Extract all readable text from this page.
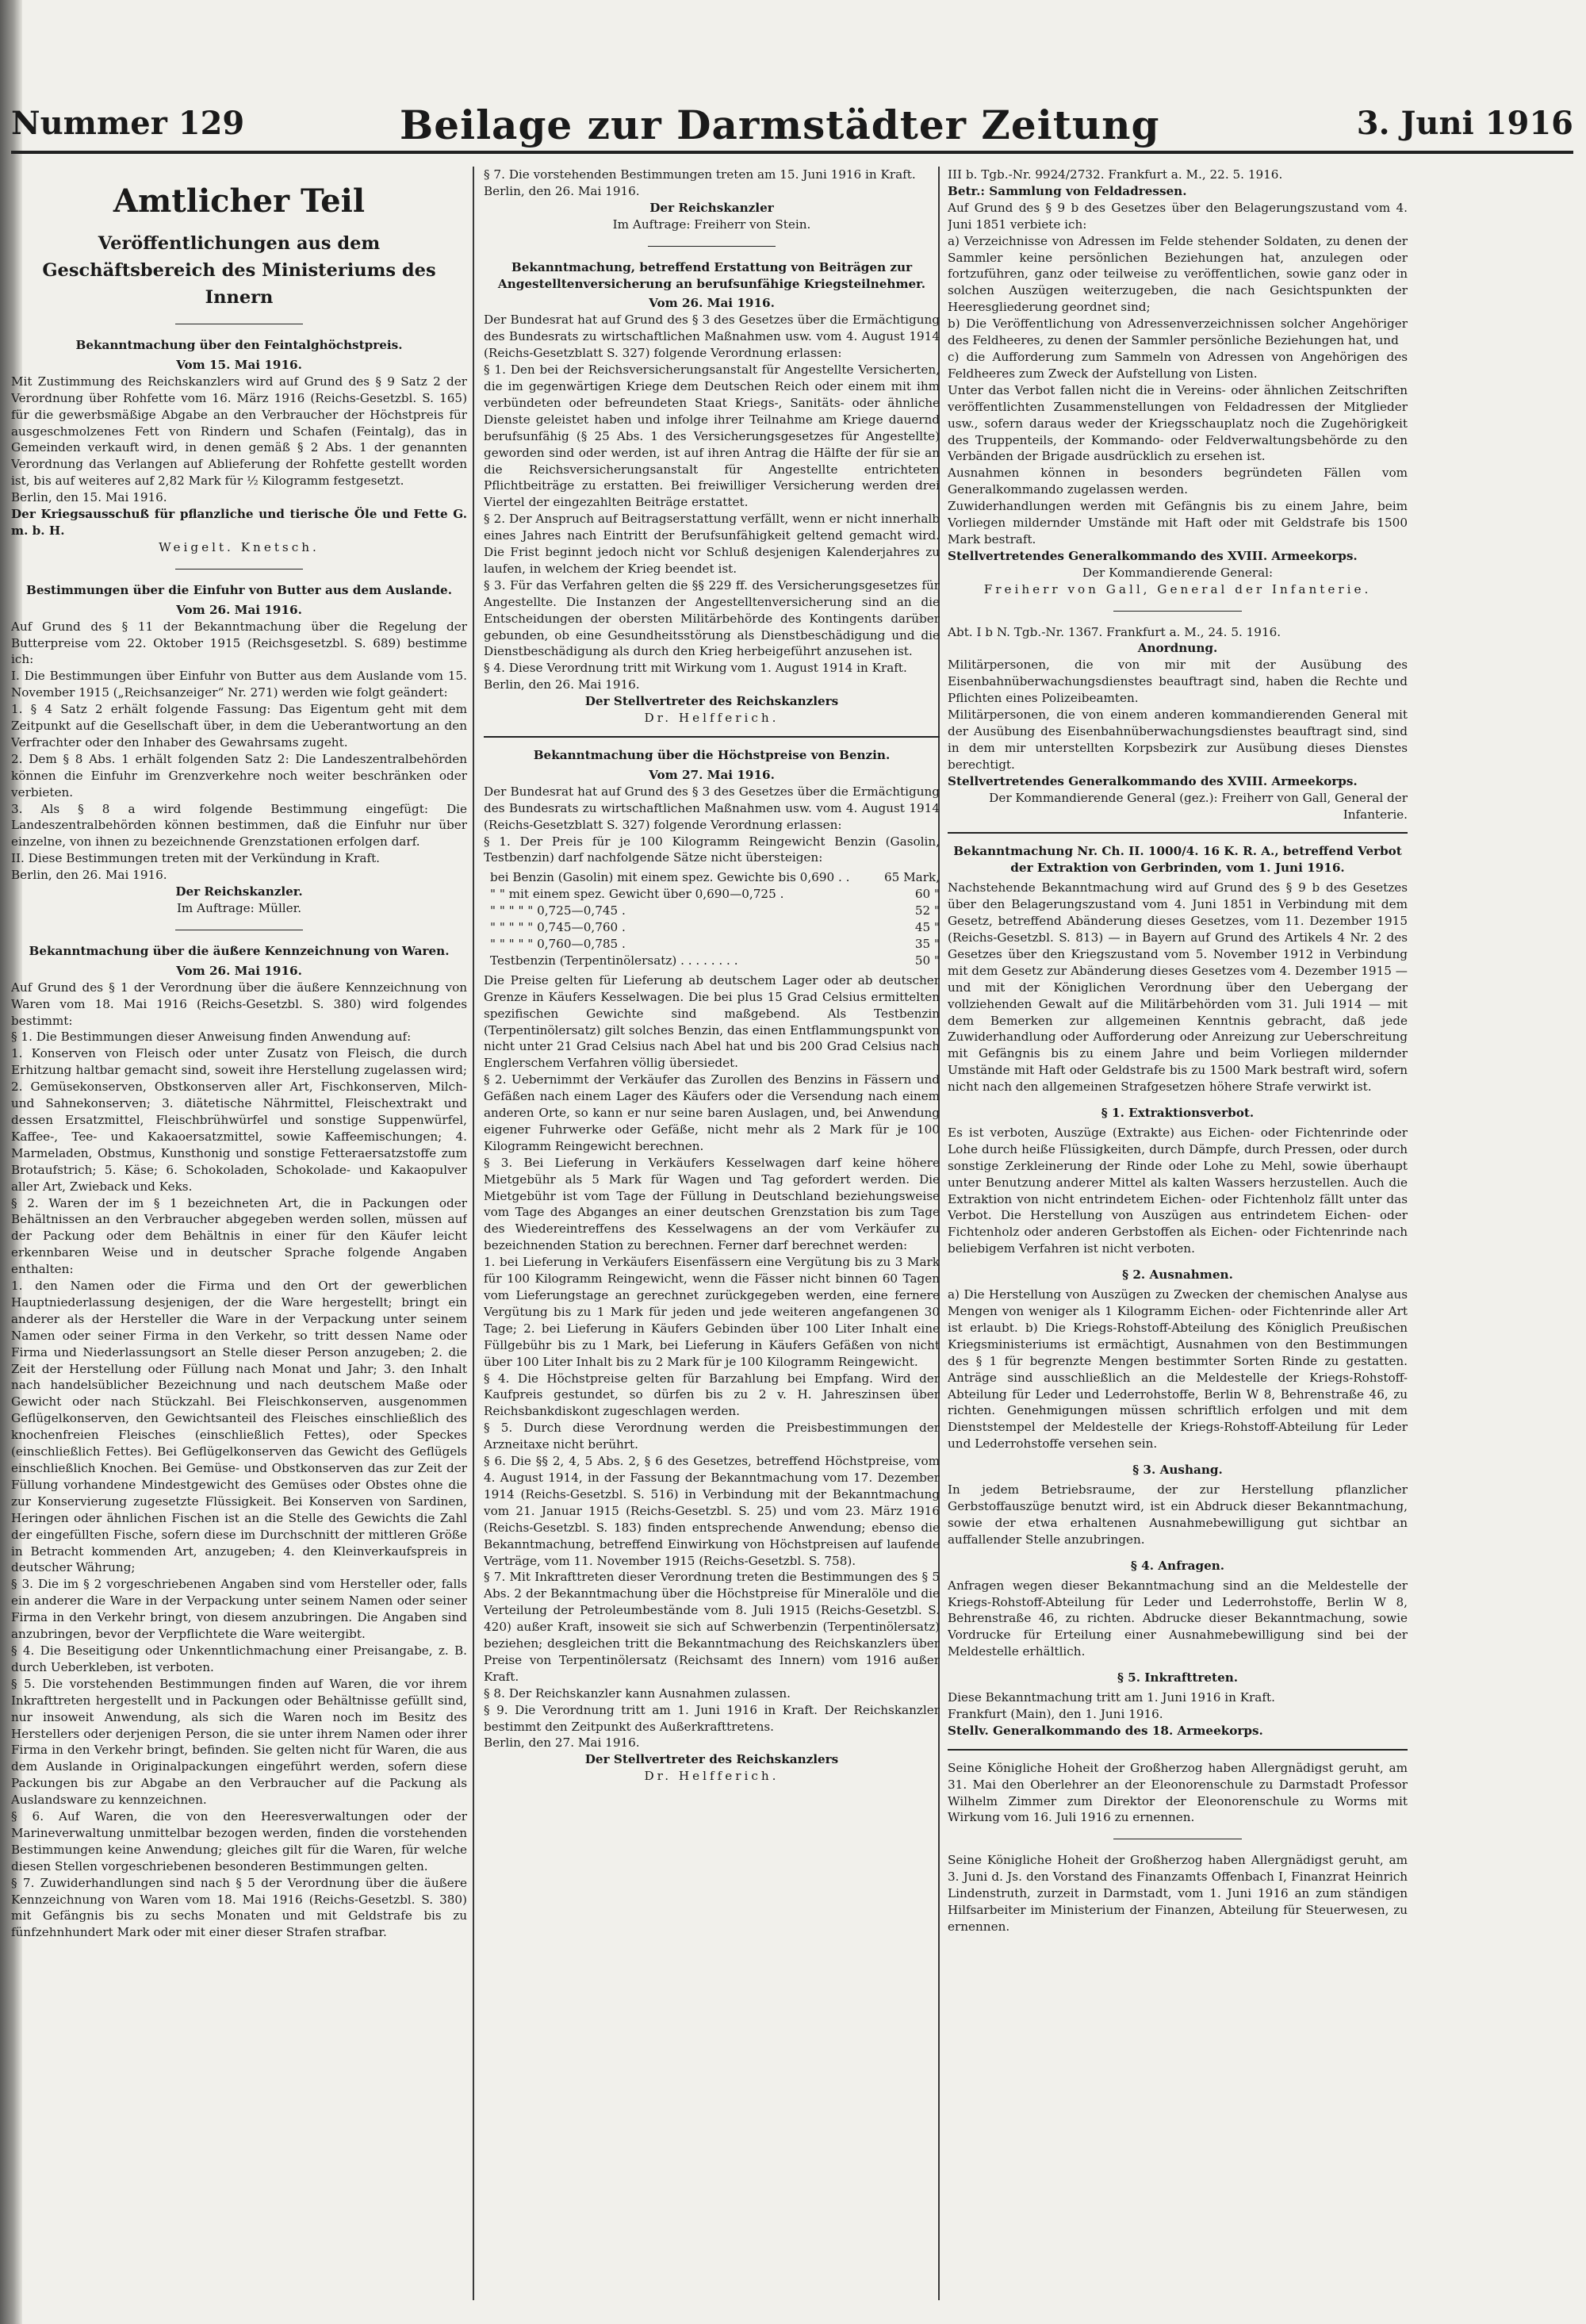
Nummer 129	Beilage zur Darmstädter Zeitung	3. Juni 1916

Amtlicher Teil

Veröffentlichungen aus dem Geschäftsbereich des Ministeriums des Innern

Bekanntmachung über den Feintalghöchstpreis.

Vom 15. Mai 1916.

Mit Zustimmung des Reichskanzlers wird auf Grund des § 9 Satz 2 der Verordnung über Rohfette vom 16. März 1916 (Reichs-Gesetzbl. S. 165) für die gewerbsmäßige Abgabe an den Verbraucher der Höchstpreis für ausgeschmolzenes Fett von Rindern und Schafen (Feintalg), das in Gemeinden verkauft wird, in denen gemäß § 2 Abs. 1 der genannten Verordnung das Verlangen auf Ablieferung der Rohfette gestellt worden ist, bis auf weiteres auf 2,82 Mark für ½ Kilogramm festgesetzt.

Berlin, den 15. Mai 1916.

Der Kriegsausschuß für pflanzliche und tierische Öle und Fette G. m. b. H.

Weigelt. Knetsch.

Bestimmungen über die Einfuhr von Butter aus dem Auslande.

Vom 26. Mai 1916.

Auf Grund des § 11 der Bekanntmachung über die Regelung der Butterpreise vom 22. Oktober 1915 (Reichsgesetzbl. S. 689) bestimme ich:

I. Die Bestimmungen über Einfuhr von Butter aus dem Auslande vom 15. November 1915 („Reichsanzeiger“ Nr. 271) werden wie folgt geändert:

1. § 4 Satz 2 erhält folgende Fassung: Das Eigentum geht mit dem Zeitpunkt auf die Gesellschaft über, in dem die Ueberantwortung an den Verfrachter oder den Inhaber des Gewahrsams zugeht.

2. Dem § 8 Abs. 1 erhält folgenden Satz 2: Die Landeszentralbehörden können die Einfuhr im Grenzverkehre noch weiter beschränken oder verbieten.

3. Als § 8 a wird folgende Bestimmung eingefügt: Die Landeszentralbehörden können bestimmen, daß die Einfuhr nur über einzelne, von ihnen zu bezeichnende Grenzstationen erfolgen darf.

II. Diese Bestimmungen treten mit der Verkündung in Kraft.

Berlin, den 26. Mai 1916.

Der Reichskanzler.

Im Auftrage: Müller.

Bekanntmachung über die äußere Kennzeichnung von Waren.

Vom 26. Mai 1916.

Auf Grund des § 1 der Verordnung über die äußere Kennzeichnung von Waren vom 18. Mai 1916 (Reichs-Gesetzbl. S. 380) wird folgendes bestimmt:

§ 1. Die Bestimmungen dieser Anweisung finden Anwendung auf:

1. Konserven von Fleisch oder unter Zusatz von Fleisch, die durch Erhitzung haltbar gemacht sind, soweit ihre Herstellung zugelassen wird; 2. Gemüsekonserven, Obstkonserven aller Art, Fischkonserven, Milch- und Sahnekonserven; 3. diätetische Nährmittel, Fleischextrakt und dessen Ersatzmittel, Fleischbrühwürfel und sonstige Suppenwürfel, Kaffee-, Tee- und Kakaoersatzmittel, sowie Kaffeemischungen; 4. Marmeladen, Obstmus, Kunsthonig und sonstige Fetteraersatzstoffe zum Brotaufstrich; 5. Käse; 6. Schokoladen, Schokolade- und Kakaopulver aller Art, Zwieback und Keks.

§ 2. Waren der im § 1 bezeichneten Art, die in Packungen oder Behältnissen an den Verbraucher abgegeben werden sollen, müssen auf der Packung oder dem Behältnis in einer für den Käufer leicht erkennbaren Weise und in deutscher Sprache folgende Angaben enthalten:

1. den Namen oder die Firma und den Ort der gewerblichen Hauptniederlassung desjenigen, der die Ware hergestellt; bringt ein anderer als der Hersteller die Ware in der Verpackung unter seinem Namen oder seiner Firma in den Verkehr, so tritt dessen Name oder Firma und Niederlassungsort an Stelle dieser Person anzugeben; 2. die Zeit der Herstellung oder Füllung nach Monat und Jahr; 3. den Inhalt nach handelsüblicher Bezeichnung und nach deutschem Maße oder Gewicht oder nach Stückzahl. Bei Fleischkonserven, ausgenommen Geflügelkonserven, den Gewichtsanteil des Fleisches einschließlich des knochenfreien Fleisches (einschließlich Fettes), oder Speckes (einschließlich Fettes). Bei Geflügelkonserven das Gewicht des Geflügels einschließlich Knochen. Bei Gemüse- und Obstkonserven das zur Zeit der Füllung vorhandene Mindestgewicht des Gemüses oder Obstes ohne die zur Konservierung zugesetzte Flüssigkeit. Bei Konserven von Sardinen, Heringen oder ähnlichen Fischen ist an die Stelle des Gewichts die Zahl der eingefüllten Fische, sofern diese im Durchschnitt der mittleren Größe in Betracht kommenden Art, anzugeben; 4. den Kleinverkaufspreis in deutscher Währung;

§ 3. Die im § 2 vorgeschriebenen Angaben sind vom Hersteller oder, falls ein anderer die Ware in der Verpackung unter seinem Namen oder seiner Firma in den Verkehr bringt, von diesem anzubringen. Die Angaben sind anzubringen, bevor der Verpflichtete die Ware weitergibt.

§ 4. Die Beseitigung oder Unkenntlichmachung einer Preisangabe, z. B. durch Ueberkleben, ist verboten.

§ 5. Die vorstehenden Bestimmungen finden auf Waren, die vor ihrem Inkrafttreten hergestellt und in Packungen oder Behältnisse gefüllt sind, nur insoweit Anwendung, als sich die Waren noch im Besitz des Herstellers oder derjenigen Person, die sie unter ihrem Namen oder ihrer Firma in den Verkehr bringt, befinden. Sie gelten nicht für Waren, die aus dem Auslande in Originalpackungen eingeführt werden, sofern diese Packungen bis zur Abgabe an den Verbraucher auf die Packung als Auslandsware zu kennzeichnen.

§ 6. Auf Waren, die von den Heeresverwaltungen oder der Marineverwaltung unmittelbar bezogen werden, finden die vorstehenden Bestimmungen keine Anwendung; gleiches gilt für die Waren, für welche diesen Stellen vorgeschriebenen besonderen Bestimmungen gelten.

§ 7. Zuwiderhandlungen sind nach § 5 der Verordnung über die äußere Kennzeichnung von Waren vom 18. Mai 1916 (Reichs-Gesetzbl. S. 380) mit Gefängnis bis zu sechs Monaten und mit Geldstrafe bis zu fünfzehnhundert Mark oder mit einer dieser Strafen strafbar.

§ 7. Die vorstehenden Bestimmungen treten am 15. Juni 1916 in Kraft.

Berlin, den 26. Mai 1916.

Der Reichskanzler

Im Auftrage: Freiherr von Stein.

Bekanntmachung, betreffend Erstattung von Beiträgen zur Angestelltenversicherung an berufsunfähige Kriegsteilnehmer.

Vom 26. Mai 1916.

Der Bundesrat hat auf Grund des § 3 des Gesetzes über die Ermächtigung des Bundesrats zu wirtschaftlichen Maßnahmen usw. vom 4. August 1914 (Reichs-Gesetzblatt S. 327) folgende Verordnung erlassen:

§ 1. Den bei der Reichsversicherungsanstalt für Angestellte Versicherten, die im gegenwärtigen Kriege dem Deutschen Reich oder einem mit ihm verbündeten oder befreundeten Staat Kriegs-, Sanitäts- oder ähnliche Dienste geleistet haben und infolge ihrer Teilnahme am Kriege dauernd berufsunfähig (§ 25 Abs. 1 des Versicherungsgesetzes für Angestellte) geworden sind oder werden, ist auf ihren Antrag die Hälfte der für sie an die Reichsversicherungsanstalt für Angestellte entrichteten Pflichtbeiträge zu erstatten. Bei freiwilliger Versicherung werden drei Viertel der eingezahlten Beiträge erstattet.

§ 2. Der Anspruch auf Beitragserstattung verfällt, wenn er nicht innerhalb eines Jahres nach Eintritt der Berufsunfähigkeit geltend gemacht wird. Die Frist beginnt jedoch nicht vor Schluß desjenigen Kalenderjahres zu laufen, in welchem der Krieg beendet ist.

§ 3. Für das Verfahren gelten die §§ 229 ff. des Versicherungsgesetzes für Angestellte. Die Instanzen der Angestelltenversicherung sind an die Entscheidungen der obersten Militärbehörde des Kontingents darüber gebunden, ob eine Gesundheitsstörung als Dienstbeschädigung und die Dienstbeschädigung als durch den Krieg herbeigeführt anzusehen ist.

§ 4. Diese Verordnung tritt mit Wirkung vom 1. August 1914 in Kraft.

Berlin, den 26. Mai 1916.

Der Stellvertreter des Reichskanzlers

Dr. Helfferich.

Bekanntmachung über die Höchstpreise von Benzin.

Vom 27. Mai 1916.

Der Bundesrat hat auf Grund des § 3 des Gesetzes über die Ermächtigung des Bundesrats zu wirtschaftlichen Maßnahmen usw. vom 4. August 1914 (Reichs-Gesetzblatt S. 327) folgende Verordnung erlassen:

§ 1. Der Preis für je 100 Kilogramm Reingewicht Benzin (Gasolin, Testbenzin) darf nachfolgende Sätze nicht übersteigen:

bei Benzin (Gasolin) mit einem spez. Gewichte bis 0,690 . .	65 Mark,
" " mit einem spez. Gewicht über 0,690—0,725 .	60 "
" " " " " 0,725—0,745 .	52 "
" " " " " 0,745—0,760 .	45 "
" " " " " 0,760—0,785 .	35 "
Testbenzin (Terpentinölersatz) . . . . . . . .	50 "

Die Preise gelten für Lieferung ab deutschem Lager oder ab deutscher Grenze in Käufers Kesselwagen. Die bei plus 15 Grad Celsius ermittelten spezifischen Gewichte sind maßgebend. Als Testbenzin (Terpentinölersatz) gilt solches Benzin, das einen Entflammungspunkt von nicht unter 21 Grad Celsius nach Abel hat und bis 200 Grad Celsius nach Englerschem Verfahren völlig übersiedet.

§ 2. Uebernimmt der Verkäufer das Zurollen des Benzins in Fässern und Gefäßen nach einem Lager des Käufers oder die Versendung nach einem anderen Orte, so kann er nur seine baren Auslagen, und, bei Anwendung eigener Fuhrwerke oder Gefäße, nicht mehr als 2 Mark für je 100 Kilogramm Reingewicht berechnen.

§ 3. Bei Lieferung in Verkäufers Kesselwagen darf keine höhere Mietgebühr als 5 Mark für Wagen und Tag gefordert werden. Die Mietgebühr ist vom Tage der Füllung in Deutschland beziehungsweise vom Tage des Abganges an einer deutschen Grenzstation bis zum Tage des Wiedereintreffens des Kesselwagens an der vom Verkäufer zu bezeichnenden Station zu berechnen. Ferner darf berechnet werden:

1. bei Lieferung in Verkäufers Eisenfässern eine Vergütung bis zu 3 Mark für 100 Kilogramm Reingewicht, wenn die Fässer nicht binnen 60 Tagen vom Lieferungstage an gerechnet zurückgegeben werden, eine fernere Vergütung bis zu 1 Mark für jeden und jede weiteren angefangenen 30 Tage; 2. bei Lieferung in Käufers Gebinden über 100 Liter Inhalt eine Füllgebühr bis zu 1 Mark, bei Lieferung in Käufers Gefäßen von nicht über 100 Liter Inhalt bis zu 2 Mark für je 100 Kilogramm Reingewicht.

§ 4. Die Höchstpreise gelten für Barzahlung bei Empfang. Wird der Kaufpreis gestundet, so dürfen bis zu 2 v. H. Jahreszinsen über Reichsbankdiskont zugeschlagen werden.

§ 5. Durch diese Verordnung werden die Preisbestimmungen der Arzneitaxe nicht berührt.

§ 6. Die §§ 2, 4, 5 Abs. 2, § 6 des Gesetzes, betreffend Höchstpreise, vom 4. August 1914, in der Fassung der Bekanntmachung vom 17. Dezember 1914 (Reichs-Gesetzbl. S. 516) in Verbindung mit der Bekanntmachung vom 21. Januar 1915 (Reichs-Gesetzbl. S. 25) und vom 23. März 1916 (Reichs-Gesetzbl. S. 183) finden entsprechende Anwendung; ebenso die Bekanntmachung, betreffend Einwirkung von Höchstpreisen auf laufende Verträge, vom 11. November 1915 (Reichs-Gesetzbl. S. 758).

§ 7. Mit Inkrafttreten dieser Verordnung treten die Bestimmungen des § 5 Abs. 2 der Bekanntmachung über die Höchstpreise für Mineralöle und die Verteilung der Petroleumbestände vom 8. Juli 1915 (Reichs-Gesetzbl. S. 420) außer Kraft, insoweit sie sich auf Schwerbenzin (Terpentinölersatz) beziehen; desgleichen tritt die Bekanntmachung des Reichskanzlers über Preise von Terpentinölersatz (Reichsamt des Innern) vom 1916 außer Kraft.

§ 8. Der Reichskanzler kann Ausnahmen zulassen.

§ 9. Die Verordnung tritt am 1. Juni 1916 in Kraft. Der Reichskanzler bestimmt den Zeitpunkt des Außerkrafttretens.

Berlin, den 27. Mai 1916.

Der Stellvertreter des Reichskanzlers

Dr. Helfferich.

III b. Tgb.-Nr. 9924/2732. Frankfurt a. M., 22. 5. 1916.

Betr.: Sammlung von Feldadressen.

Auf Grund des § 9 b des Gesetzes über den Belagerungszustand vom 4. Juni 1851 verbiete ich:

a) Verzeichnisse von Adressen im Felde stehender Soldaten, zu denen der Sammler keine persönlichen Beziehungen hat, anzulegen oder fortzuführen, ganz oder teilweise zu veröffentlichen, sowie ganz oder in solchen Auszügen weiterzugeben, die nach Gesichtspunkten der Heeresgliederung geordnet sind;

b) Die Veröffentlichung von Adressenverzeichnissen solcher Angehöriger des Feldheeres, zu denen der Sammler persönliche Beziehungen hat, und

c) die Aufforderung zum Sammeln von Adressen von Angehörigen des Feldheeres zum Zweck der Aufstellung von Listen.

Unter das Verbot fallen nicht die in Vereins- oder ähnlichen Zeitschriften veröffentlichten Zusammenstellungen von Feldadressen der Mitglieder usw., sofern daraus weder der Kriegsschauplatz noch die Zugehörigkeit des Truppenteils, der Kommando- oder Feldverwaltungsbehörde zu den Verbänden der Brigade ausdrücklich zu ersehen ist.

Ausnahmen können in besonders begründeten Fällen vom Generalkommando zugelassen werden.

Zuwiderhandlungen werden mit Gefängnis bis zu einem Jahre, beim Vorliegen mildernder Umstände mit Haft oder mit Geldstrafe bis 1500 Mark bestraft.

Stellvertretendes Generalkommando des XVIII. Armeekorps.

Der Kommandierende General:

Freiherr von Gall, General der Infanterie.

Abt. I b N. Tgb.-Nr. 1367. Frankfurt a. M., 24. 5. 1916.

Anordnung.

Militärpersonen, die von mir mit der Ausübung des Eisenbahnüberwachungsdienstes beauftragt sind, haben die Rechte und Pflichten eines Polizeibeamten.

Militärpersonen, die von einem anderen kommandierenden General mit der Ausübung des Eisenbahnüberwachungsdienstes beauftragt sind, sind in dem mir unterstellten Korpsbezirk zur Ausübung dieses Dienstes berechtigt.

Stellvertretendes Generalkommando des XVIII. Armeekorps.

Der Kommandierende General (gez.): Freiherr von Gall, General der Infanterie.

Bekanntmachung Nr. Ch. II. 1000/4. 16 K. R. A., betreffend Verbot der Extraktion von Gerbrinden, vom 1. Juni 1916.

Nachstehende Bekanntmachung wird auf Grund des § 9 b des Gesetzes über den Belagerungszustand vom 4. Juni 1851 in Verbindung mit dem Gesetz, betreffend Abänderung dieses Gesetzes, vom 11. Dezember 1915 (Reichs-Gesetzbl. S. 813) — in Bayern auf Grund des Artikels 4 Nr. 2 des Gesetzes über den Kriegszustand vom 5. November 1912 in Verbindung mit dem Gesetz zur Abänderung dieses Gesetzes vom 4. Dezember 1915 — und mit der Königlichen Verordnung über den Uebergang der vollziehenden Gewalt auf die Militärbehörden vom 31. Juli 1914 — mit dem Bemerken zur allgemeinen Kenntnis gebracht, daß jede Zuwiderhandlung oder Aufforderung oder Anreizung zur Ueberschreitung mit Gefängnis bis zu einem Jahre und beim Vorliegen mildernder Umstände mit Haft oder Geldstrafe bis zu 1500 Mark bestraft wird, sofern nicht nach den allgemeinen Strafgesetzen höhere Strafe verwirkt ist.

§ 1. Extraktionsverbot.

Es ist verboten, Auszüge (Extrakte) aus Eichen- oder Fichtenrinde oder Lohe durch heiße Flüssigkeiten, durch Dämpfe, durch Pressen, oder durch sonstige Zerkleinerung der Rinde oder Lohe zu Mehl, sowie überhaupt unter Benutzung anderer Mittel als kalten Wassers herzustellen. Auch die Extraktion von nicht entrindetem Eichen- oder Fichtenholz fällt unter das Verbot. Die Herstellung von Auszügen aus entrindetem Eichen- oder Fichtenholz oder anderen Gerbstoffen als Eichen- oder Fichtenrinde nach beliebigem Verfahren ist nicht verboten.

§ 2. Ausnahmen.

a) Die Herstellung von Auszügen zu Zwecken der chemischen Analyse aus Mengen von weniger als 1 Kilogramm Eichen- oder Fichtenrinde aller Art ist erlaubt. b) Die Kriegs-Rohstoff-Abteilung des Königlich Preußischen Kriegsministeriums ist ermächtigt, Ausnahmen von den Bestimmungen des § 1 für begrenzte Mengen bestimmter Sorten Rinde zu gestatten. Anträge sind ausschließlich an die Meldestelle der Kriegs-Rohstoff-Abteilung für Leder und Lederrohstoffe, Berlin W 8, Behrenstraße 46, zu richten. Genehmigungen müssen schriftlich erfolgen und mit dem Dienststempel der Meldestelle der Kriegs-Rohstoff-Abteilung für Leder und Lederrohstoffe versehen sein.

§ 3. Aushang.

In jedem Betriebsraume, der zur Herstellung pflanzlicher Gerbstoffauszüge benutzt wird, ist ein Abdruck dieser Bekanntmachung, sowie der etwa erhaltenen Ausnahmebewilligung gut sichtbar an auffallender Stelle anzubringen.

§ 4. Anfragen.

Anfragen wegen dieser Bekanntmachung sind an die Meldestelle der Kriegs-Rohstoff-Abteilung für Leder und Lederrohstoffe, Berlin W 8, Behrenstraße 46, zu richten. Abdrucke dieser Bekanntmachung, sowie Vordrucke für Erteilung einer Ausnahmebewilligung sind bei der Meldestelle erhältlich.

§ 5. Inkrafttreten.

Diese Bekanntmachung tritt am 1. Juni 1916 in Kraft.

Frankfurt (Main), den 1. Juni 1916.

Stellv. Generalkommando des 18. Armeekorps.

Seine Königliche Hoheit der Großherzog haben Allergnädigst geruht, am 31. Mai den Oberlehrer an der Eleonorenschule zu Darmstadt Professor Wilhelm Zimmer zum Direktor der Eleonorenschule zu Worms mit Wirkung vom 16. Juli 1916 zu ernennen.

Seine Königliche Hoheit der Großherzog haben Allergnädigst geruht, am 3. Juni d. Js. den Vorstand des Finanzamts Offenbach I, Finanzrat Heinrich Lindenstruth, zurzeit in Darmstadt, vom 1. Juni 1916 an zum ständigen Hilfsarbeiter im Ministerium der Finanzen, Abteilung für Steuerwesen, zu ernennen.
